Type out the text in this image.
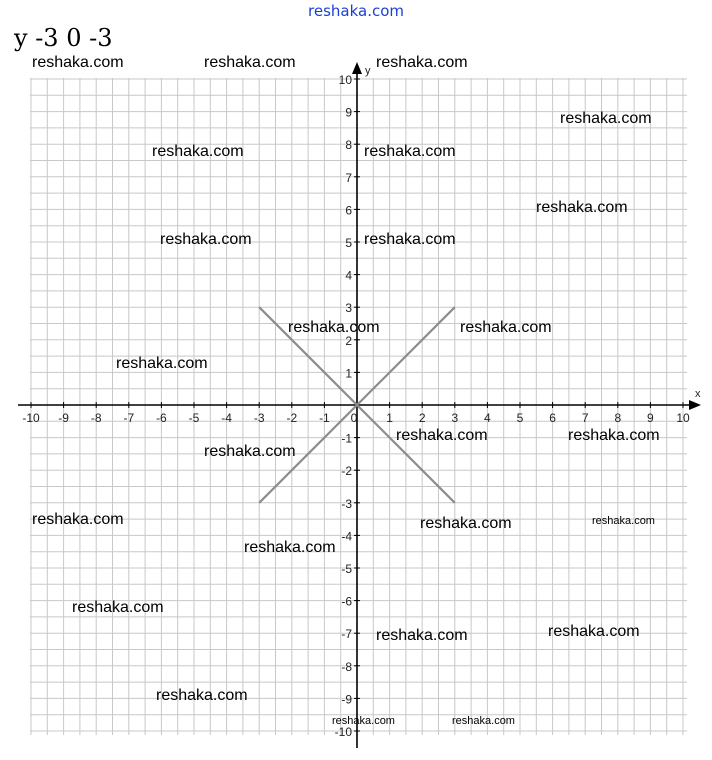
reshaka.com
y -3 0 -3
x
y
-10 -9 -8 -7 -6 -5 -4 -3 -2 -1 0 1 2 3 4 5 6 7 8 9 10
-10
-9
-8
-7
-6
-5
-4
-3
-2
-1
1
2
3
4
5
6
7
8
9
10
reshaka.com	reshaka.com	reshaka.com
reshaka.com
reshaka.com	reshaka.com
reshaka.com
reshaka.com	reshaka.com
reshaka.com	reshaka.com
reshaka.com
reshaka.com	reshaka.com
reshaka.com
reshaka.com	reshaka.com
reshaka.com
reshaka.com
reshaka.com	reshaka.com
reshaka.com
reshaka.com
reshaka.com	reshaka.com
